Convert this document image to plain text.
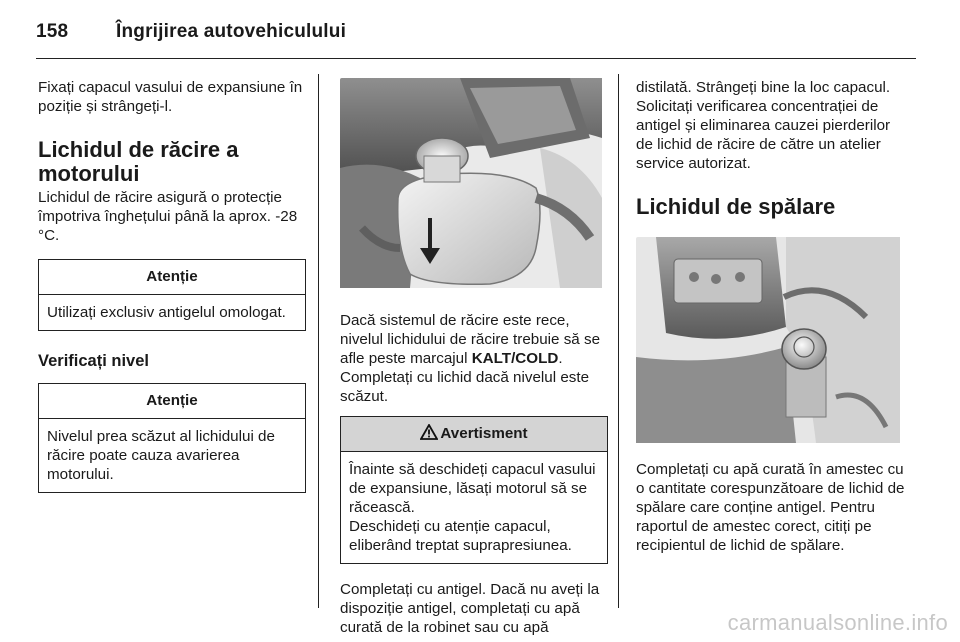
158	Îngrijirea autovehiculului

Fixați capacul vasului de expansiune în poziție și strângeți-l.

Lichidul de răcire a motorului

Lichidul de răcire asigură o protecție împotriva înghețului până la aprox. -28 °C.

Atenție
Utilizați exclusiv antigelul omologat.
Verificați nivel
Atenție
Nivelul prea scăzut al lichidului de răcire poate cauza avarierea motorului.

Dacă sistemul de răcire este rece, nivelul lichidului de răcire trebuie să se afle peste marcajul KALT/COLD. Completați cu lichid dacă nivelul este scăzut.

Avertisment
Înainte să deschideți capacul vasului de expansiune, lăsați motorul să se răcească.
Deschideți cu atenție capacul, eliberând treptat suprapresiunea.

Completați cu antigel. Dacă nu aveți la dispoziție antigel, completați cu apă curată de la robinet sau cu apă

distilată. Strângeți bine la loc capacul. Solicitați verificarea concentrației de antigel și eliminarea cauzei pierderilor de lichid de răcire de către un atelier service autorizat.

Lichidul de spălare

Completați cu apă curată în amestec cu o cantitate corespunzătoare de lichid de spălare care conține antigel. Pentru raportul de amestec corect, citiți pe recipientul de lichid de spălare.

carmanualsonline.info
